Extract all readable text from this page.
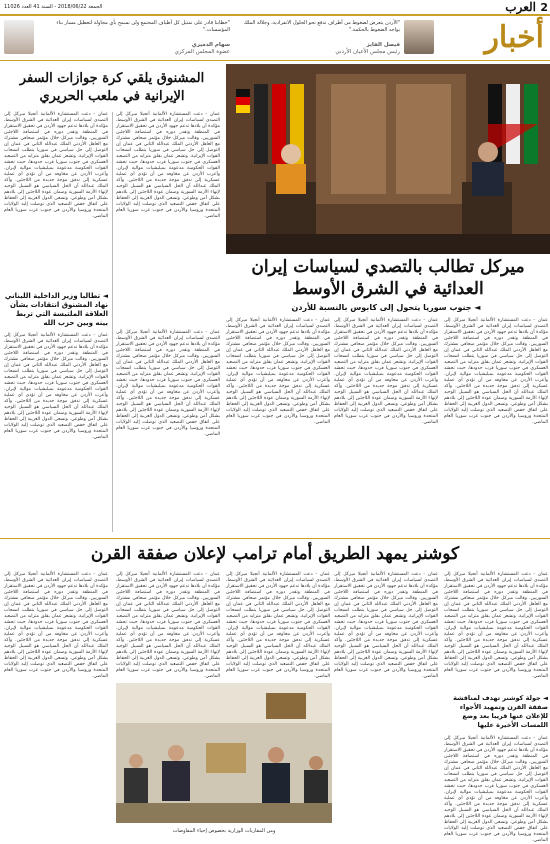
2
العرب
الجمعة 2018/06/22 - السنة 41 العدد 11026
أخبار
"الأردن يتعرض لضغوط من أطراف تدفع نحو الحلول الانفرادية، وجلالة الملك يواجه الضغوط بالحكمة."
فيصل الفايز
رئيس مجلس الأعيان الأردني
"خطابنا قادر على تمثيل كل أطياف المجتمع ولن نسمح بأي محاولة لتعطيل مسار بناء المؤسسات."
سهام الدميري
عضوة المجلس المركزي
المشنوق يلقي كرة جوازات السفر
الإيرانية في ملعب الحريري
عمان - دعت المستشارة الألمانية أنجيلا ميركل إلى التصدي لسياسات إيران العدائية في الشرق الأوسط، مؤكدة أن بلادها تدعم جهود الأردن في تحقيق الاستقرار في المنطقة وتقدر دوره في استضافة اللاجئين السوريين. وقالت ميركل خلال مؤتمر صحافي مشترك مع العاهل الأردني الملك عبدالله الثاني في عمان إن التوصل إلى حل سياسي في سوريا يتطلب انسحاب القوات الإيرانية. وتشعر عمان بقلق متزايد من التصعيد العسكري في جنوب سوريا قرب حدودها، حيث تحشد القوات الحكومية مدعومة بميليشيات موالية لإيران. وأعرب الأردن عن مخاوفه من أن تؤدي أي عملية عسكرية إلى تدفق موجة جديدة من اللاجئين. وأكد الملك عبدالله أن الحل السياسي هو السبيل الوحيد لإنهاء الأزمة السورية وضمان عودة اللاجئين إلى بلادهم بشكل آمن وطوعي. وتسعى الدول الغربية إلى الحفاظ على اتفاق خفض التصعيد الذي توصلت إليه الولايات المتحدة وروسيا والأردن في جنوب غرب سوريا العام الماضي.
عمان - دعت المستشارة الألمانية أنجيلا ميركل إلى التصدي لسياسات إيران العدائية في الشرق الأوسط، مؤكدة أن بلادها تدعم جهود الأردن في تحقيق الاستقرار في المنطقة وتقدر دوره في استضافة اللاجئين السوريين. وقالت ميركل خلال مؤتمر صحافي مشترك مع العاهل الأردني الملك عبدالله الثاني في عمان إن التوصل إلى حل سياسي في سوريا يتطلب انسحاب القوات الإيرانية. وتشعر عمان بقلق متزايد من التصعيد العسكري في جنوب سوريا قرب حدودها، حيث تحشد القوات الحكومية مدعومة بميليشيات موالية لإيران. وأعرب الأردن عن مخاوفه من أن تؤدي أي عملية عسكرية إلى تدفق موجة جديدة من اللاجئين. وأكد الملك عبدالله أن الحل السياسي هو السبيل الوحيد لإنهاء الأزمة السورية وضمان عودة اللاجئين إلى بلادهم بشكل آمن وطوعي. وتسعى الدول الغربية إلى الحفاظ على اتفاق خفض التصعيد الذي توصلت إليه الولايات المتحدة وروسيا والأردن في جنوب غرب سوريا العام الماضي.
◄ تطالبا وزير الداخلية اللبناني نهاد المشنوق انتقادات بشأن العلاقة الملتبسة التي تربط بينه وبين حزب الله
عمان - دعت المستشارة الألمانية أنجيلا ميركل إلى التصدي لسياسات إيران العدائية في الشرق الأوسط، مؤكدة أن بلادها تدعم جهود الأردن في تحقيق الاستقرار في المنطقة وتقدر دوره في استضافة اللاجئين السوريين. وقالت ميركل خلال مؤتمر صحافي مشترك مع العاهل الأردني الملك عبدالله الثاني في عمان إن التوصل إلى حل سياسي في سوريا يتطلب انسحاب القوات الإيرانية. وتشعر عمان بقلق متزايد من التصعيد العسكري في جنوب سوريا قرب حدودها، حيث تحشد القوات الحكومية مدعومة بميليشيات موالية لإيران. وأعرب الأردن عن مخاوفه من أن تؤدي أي عملية عسكرية إلى تدفق موجة جديدة من اللاجئين. وأكد الملك عبدالله أن الحل السياسي هو السبيل الوحيد لإنهاء الأزمة السورية وضمان عودة اللاجئين إلى بلادهم بشكل آمن وطوعي. وتسعى الدول الغربية إلى الحفاظ على اتفاق خفض التصعيد الذي توصلت إليه الولايات المتحدة وروسيا والأردن في جنوب غرب سوريا العام الماضي.
عمان - دعت المستشارة الألمانية أنجيلا ميركل إلى التصدي لسياسات إيران العدائية في الشرق الأوسط، مؤكدة أن بلادها تدعم جهود الأردن في تحقيق الاستقرار في المنطقة وتقدر دوره في استضافة اللاجئين السوريين. وقالت ميركل خلال مؤتمر صحافي مشترك مع العاهل الأردني الملك عبدالله الثاني في عمان إن التوصل إلى حل سياسي في سوريا يتطلب انسحاب القوات الإيرانية. وتشعر عمان بقلق متزايد من التصعيد العسكري في جنوب سوريا قرب حدودها، حيث تحشد القوات الحكومية مدعومة بميليشيات موالية لإيران. وأعرب الأردن عن مخاوفه من أن تؤدي أي عملية عسكرية إلى تدفق موجة جديدة من اللاجئين. وأكد الملك عبدالله أن الحل السياسي هو السبيل الوحيد لإنهاء الأزمة السورية وضمان عودة اللاجئين إلى بلادهم بشكل آمن وطوعي. وتسعى الدول الغربية إلى الحفاظ على اتفاق خفض التصعيد الذي توصلت إليه الولايات المتحدة وروسيا والأردن في جنوب غرب سوريا العام الماضي.
ميركل تطالب بالتصدي لسياسات إيران
العدائية في الشرق الأوسط
◄ جنوب سوريا يتحول إلى كابوس بالنسبة للأردن
عمان - دعت المستشارة الألمانية أنجيلا ميركل إلى التصدي لسياسات إيران العدائية في الشرق الأوسط، مؤكدة أن بلادها تدعم جهود الأردن في تحقيق الاستقرار في المنطقة وتقدر دوره في استضافة اللاجئين السوريين. وقالت ميركل خلال مؤتمر صحافي مشترك مع العاهل الأردني الملك عبدالله الثاني في عمان إن التوصل إلى حل سياسي في سوريا يتطلب انسحاب القوات الإيرانية. وتشعر عمان بقلق متزايد من التصعيد العسكري في جنوب سوريا قرب حدودها، حيث تحشد القوات الحكومية مدعومة بميليشيات موالية لإيران. وأعرب الأردن عن مخاوفه من أن تؤدي أي عملية عسكرية إلى تدفق موجة جديدة من اللاجئين. وأكد الملك عبدالله أن الحل السياسي هو السبيل الوحيد لإنهاء الأزمة السورية وضمان عودة اللاجئين إلى بلادهم بشكل آمن وطوعي. وتسعى الدول الغربية إلى الحفاظ على اتفاق خفض التصعيد الذي توصلت إليه الولايات المتحدة وروسيا والأردن في جنوب غرب سوريا العام الماضي.
عمان - دعت المستشارة الألمانية أنجيلا ميركل إلى التصدي لسياسات إيران العدائية في الشرق الأوسط، مؤكدة أن بلادها تدعم جهود الأردن في تحقيق الاستقرار في المنطقة وتقدر دوره في استضافة اللاجئين السوريين. وقالت ميركل خلال مؤتمر صحافي مشترك مع العاهل الأردني الملك عبدالله الثاني في عمان إن التوصل إلى حل سياسي في سوريا يتطلب انسحاب القوات الإيرانية. وتشعر عمان بقلق متزايد من التصعيد العسكري في جنوب سوريا قرب حدودها، حيث تحشد القوات الحكومية مدعومة بميليشيات موالية لإيران. وأعرب الأردن عن مخاوفه من أن تؤدي أي عملية عسكرية إلى تدفق موجة جديدة من اللاجئين. وأكد الملك عبدالله أن الحل السياسي هو السبيل الوحيد لإنهاء الأزمة السورية وضمان عودة اللاجئين إلى بلادهم بشكل آمن وطوعي. وتسعى الدول الغربية إلى الحفاظ على اتفاق خفض التصعيد الذي توصلت إليه الولايات المتحدة وروسيا والأردن في جنوب غرب سوريا العام الماضي.
عمان - دعت المستشارة الألمانية أنجيلا ميركل إلى التصدي لسياسات إيران العدائية في الشرق الأوسط، مؤكدة أن بلادها تدعم جهود الأردن في تحقيق الاستقرار في المنطقة وتقدر دوره في استضافة اللاجئين السوريين. وقالت ميركل خلال مؤتمر صحافي مشترك مع العاهل الأردني الملك عبدالله الثاني في عمان إن التوصل إلى حل سياسي في سوريا يتطلب انسحاب القوات الإيرانية. وتشعر عمان بقلق متزايد من التصعيد العسكري في جنوب سوريا قرب حدودها، حيث تحشد القوات الحكومية مدعومة بميليشيات موالية لإيران. وأعرب الأردن عن مخاوفه من أن تؤدي أي عملية عسكرية إلى تدفق موجة جديدة من اللاجئين. وأكد الملك عبدالله أن الحل السياسي هو السبيل الوحيد لإنهاء الأزمة السورية وضمان عودة اللاجئين إلى بلادهم بشكل آمن وطوعي. وتسعى الدول الغربية إلى الحفاظ على اتفاق خفض التصعيد الذي توصلت إليه الولايات المتحدة وروسيا والأردن في جنوب غرب سوريا العام الماضي.
كوشنر يمهد الطريق أمام ترامب لإعلان صفقة القرن
عمان - دعت المستشارة الألمانية أنجيلا ميركل إلى التصدي لسياسات إيران العدائية في الشرق الأوسط، مؤكدة أن بلادها تدعم جهود الأردن في تحقيق الاستقرار في المنطقة وتقدر دوره في استضافة اللاجئين السوريين. وقالت ميركل خلال مؤتمر صحافي مشترك مع العاهل الأردني الملك عبدالله الثاني في عمان إن التوصل إلى حل سياسي في سوريا يتطلب انسحاب القوات الإيرانية. وتشعر عمان بقلق متزايد من التصعيد العسكري في جنوب سوريا قرب حدودها، حيث تحشد القوات الحكومية مدعومة بميليشيات موالية لإيران. وأعرب الأردن عن مخاوفه من أن تؤدي أي عملية عسكرية إلى تدفق موجة جديدة من اللاجئين. وأكد الملك عبدالله أن الحل السياسي هو السبيل الوحيد لإنهاء الأزمة السورية وضمان عودة اللاجئين إلى بلادهم بشكل آمن وطوعي. وتسعى الدول الغربية إلى الحفاظ على اتفاق خفض التصعيد الذي توصلت إليه الولايات المتحدة وروسيا والأردن في جنوب غرب سوريا العام الماضي.
◄ جولة كوشنر تهدف لمناقشة صفقة القرن وتمهيد الأجواء للإعلان عنها قريبا بعد وضع اللمسات الأخيرة عليها
عمان - دعت المستشارة الألمانية أنجيلا ميركل إلى التصدي لسياسات إيران العدائية في الشرق الأوسط، مؤكدة أن بلادها تدعم جهود الأردن في تحقيق الاستقرار في المنطقة وتقدر دوره في استضافة اللاجئين السوريين. وقالت ميركل خلال مؤتمر صحافي مشترك مع العاهل الأردني الملك عبدالله الثاني في عمان إن التوصل إلى حل سياسي في سوريا يتطلب انسحاب القوات الإيرانية. وتشعر عمان بقلق متزايد من التصعيد العسكري في جنوب سوريا قرب حدودها، حيث تحشد القوات الحكومية مدعومة بميليشيات موالية لإيران. وأعرب الأردن عن مخاوفه من أن تؤدي أي عملية عسكرية إلى تدفق موجة جديدة من اللاجئين. وأكد الملك عبدالله أن الحل السياسي هو السبيل الوحيد لإنهاء الأزمة السورية وضمان عودة اللاجئين إلى بلادهم بشكل آمن وطوعي. وتسعى الدول الغربية إلى الحفاظ على اتفاق خفض التصعيد الذي توصلت إليه الولايات المتحدة وروسيا والأردن في جنوب غرب سوريا العام الماضي.
عمان - دعت المستشارة الألمانية أنجيلا ميركل إلى التصدي لسياسات إيران العدائية في الشرق الأوسط، مؤكدة أن بلادها تدعم جهود الأردن في تحقيق الاستقرار في المنطقة وتقدر دوره في استضافة اللاجئين السوريين. وقالت ميركل خلال مؤتمر صحافي مشترك مع العاهل الأردني الملك عبدالله الثاني في عمان إن التوصل إلى حل سياسي في سوريا يتطلب انسحاب القوات الإيرانية. وتشعر عمان بقلق متزايد من التصعيد العسكري في جنوب سوريا قرب حدودها، حيث تحشد القوات الحكومية مدعومة بميليشيات موالية لإيران. وأعرب الأردن عن مخاوفه من أن تؤدي أي عملية عسكرية إلى تدفق موجة جديدة من اللاجئين. وأكد الملك عبدالله أن الحل السياسي هو السبيل الوحيد لإنهاء الأزمة السورية وضمان عودة اللاجئين إلى بلادهم بشكل آمن وطوعي. وتسعى الدول الغربية إلى الحفاظ على اتفاق خفض التصعيد الذي توصلت إليه الولايات المتحدة وروسيا والأردن في جنوب غرب سوريا العام الماضي.
عمان - دعت المستشارة الألمانية أنجيلا ميركل إلى التصدي لسياسات إيران العدائية في الشرق الأوسط، مؤكدة أن بلادها تدعم جهود الأردن في تحقيق الاستقرار في المنطقة وتقدر دوره في استضافة اللاجئين السوريين. وقالت ميركل خلال مؤتمر صحافي مشترك مع العاهل الأردني الملك عبدالله الثاني في عمان إن التوصل إلى حل سياسي في سوريا يتطلب انسحاب القوات الإيرانية. وتشعر عمان بقلق متزايد من التصعيد العسكري في جنوب سوريا قرب حدودها، حيث تحشد القوات الحكومية مدعومة بميليشيات موالية لإيران. وأعرب الأردن عن مخاوفه من أن تؤدي أي عملية عسكرية إلى تدفق موجة جديدة من اللاجئين. وأكد الملك عبدالله أن الحل السياسي هو السبيل الوحيد لإنهاء الأزمة السورية وضمان عودة اللاجئين إلى بلادهم بشكل آمن وطوعي. وتسعى الدول الغربية إلى الحفاظ على اتفاق خفض التصعيد الذي توصلت إليه الولايات المتحدة وروسيا والأردن في جنوب غرب سوريا العام الماضي.
عمان - دعت المستشارة الألمانية أنجيلا ميركل إلى التصدي لسياسات إيران العدائية في الشرق الأوسط، مؤكدة أن بلادها تدعم جهود الأردن في تحقيق الاستقرار في المنطقة وتقدر دوره في استضافة اللاجئين السوريين. وقالت ميركل خلال مؤتمر صحافي مشترك مع العاهل الأردني الملك عبدالله الثاني في عمان إن التوصل إلى حل سياسي في سوريا يتطلب انسحاب القوات الإيرانية. وتشعر عمان بقلق متزايد من التصعيد العسكري في جنوب سوريا قرب حدودها، حيث تحشد القوات الحكومية مدعومة بميليشيات موالية لإيران. وأعرب الأردن عن مخاوفه من أن تؤدي أي عملية عسكرية إلى تدفق موجة جديدة من اللاجئين. وأكد الملك عبدالله أن الحل السياسي هو السبيل الوحيد لإنهاء الأزمة السورية وضمان عودة اللاجئين إلى بلادهم بشكل آمن وطوعي. وتسعى الدول الغربية إلى الحفاظ على اتفاق خفض التصعيد الذي توصلت إليه الولايات المتحدة وروسيا والأردن في جنوب غرب سوريا العام الماضي.
عمان - دعت المستشارة الألمانية أنجيلا ميركل إلى التصدي لسياسات إيران العدائية في الشرق الأوسط، مؤكدة أن بلادها تدعم جهود الأردن في تحقيق الاستقرار في المنطقة وتقدر دوره في استضافة اللاجئين السوريين. وقالت ميركل خلال مؤتمر صحافي مشترك مع العاهل الأردني الملك عبدالله الثاني في عمان إن التوصل إلى حل سياسي في سوريا يتطلب انسحاب القوات الإيرانية. وتشعر عمان بقلق متزايد من التصعيد العسكري في جنوب سوريا قرب حدودها، حيث تحشد القوات الحكومية مدعومة بميليشيات موالية لإيران. وأعرب الأردن عن مخاوفه من أن تؤدي أي عملية عسكرية إلى تدفق موجة جديدة من اللاجئين. وأكد الملك عبدالله أن الحل السياسي هو السبيل الوحيد لإنهاء الأزمة السورية وضمان عودة اللاجئين إلى بلادهم بشكل آمن وطوعي. وتسعى الدول الغربية إلى الحفاظ على اتفاق خفض التصعيد الذي توصلت إليه الولايات المتحدة وروسيا والأردن في جنوب غرب سوريا العام الماضي.
ومن المقاربات الوزارية بخصوص إحياء المفاوضات
